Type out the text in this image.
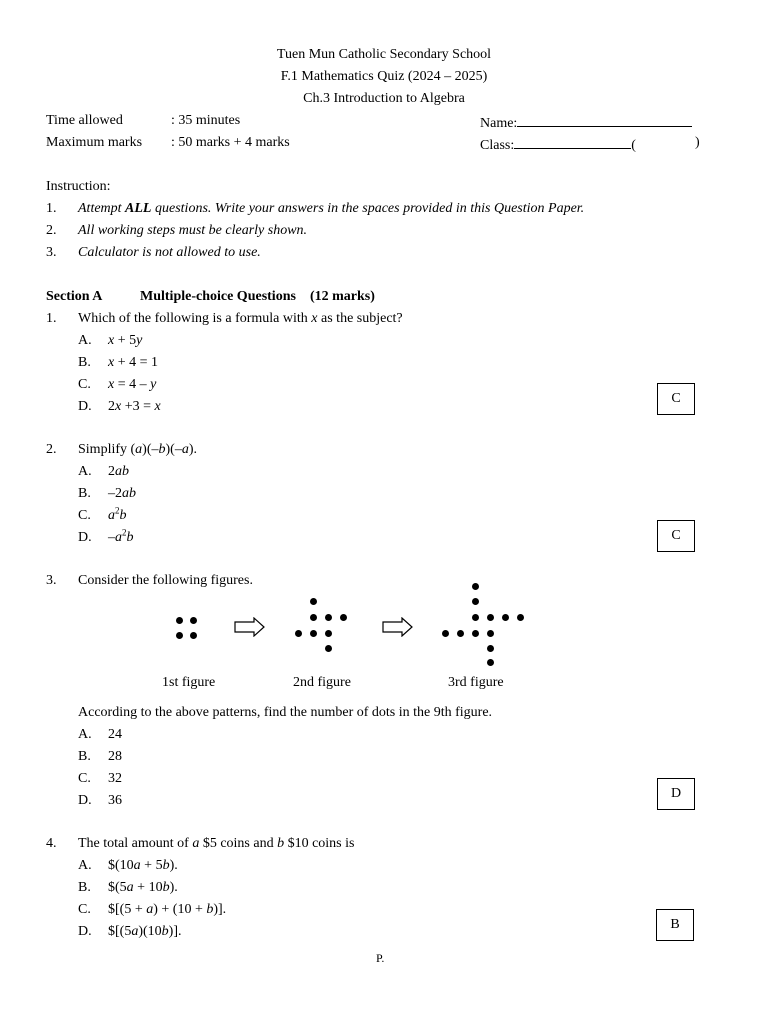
Tuen Mun Catholic Secondary School
F.1 Mathematics Quiz (2024 – 2025)
Ch.3 Introduction to Algebra
Time allowed	: 35 minutes
Maximum marks : 50 marks + 4 marks
Name:
Class:	(	)
Instruction:
1. Attempt ALL questions. Write your answers in the spaces provided in this Question Paper.
2. All working steps must be clearly shown.
3. Calculator is not allowed to use.
Section A	Multiple-choice Questions (12 marks)
1. Which of the following is a formula with x as the subject?
A. x + 5y
B. x + 4 = 1
C. x = 4 – y
D. 2x +3 = x
C
2. Simplify (a)(–b)(–a).
A. 2ab
B. –2ab
C. $a^2b$
D. $-a^2b$	C
3. Consider the following figures.
1st figure	2nd figure	3rd figure
According to the above patterns, find the number of dots in the 9th figure.
A. 24
B. 28
C. 32
D. 36	D
4. The total amount of a $5 coins and b $10 coins is
A. $(10a + 5b).
B. $(5a + 10b).
C. $[(5 + a) + (10 + b)].
D. $[(5a)(10b)].	B
P.
